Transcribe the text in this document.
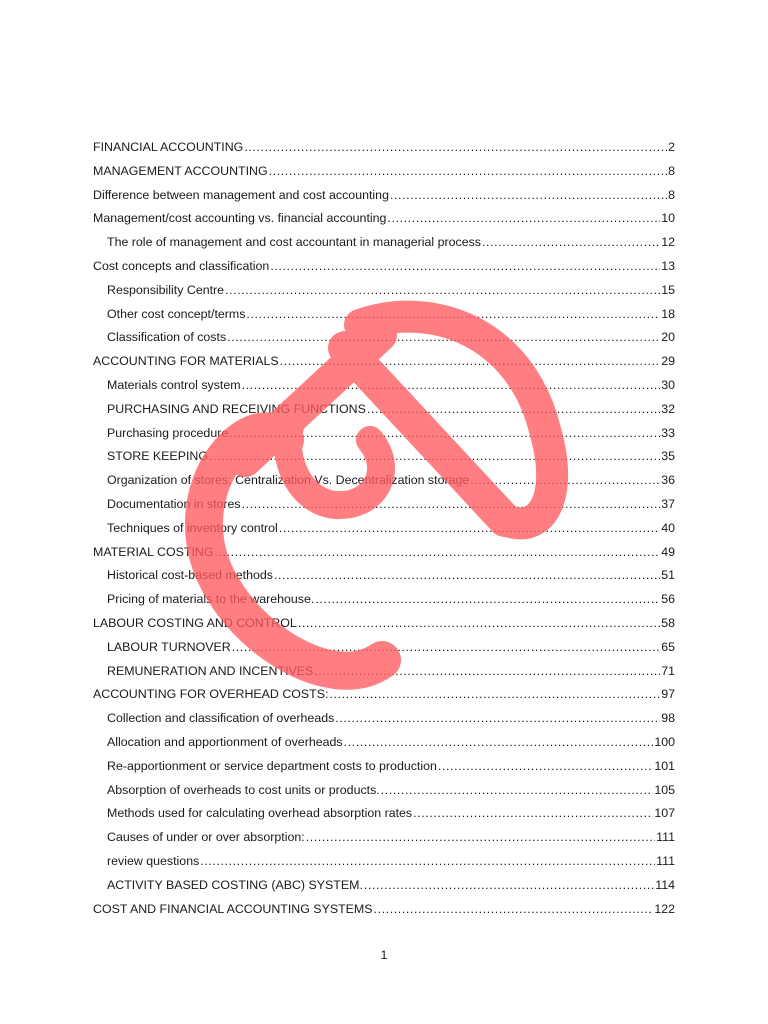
FINANCIAL ACCOUNTING .....	2
MANAGEMENT ACCOUNTING .....	8
Difference between management and cost accounting .....	8
Management/cost accounting vs. financial accounting .....	10
The role of management and cost accountant in managerial process .....	12
Cost concepts and classification .....	13
Responsibility Centre .....	15
Other cost concept/terms .....	18
Classification of costs .....	20
ACCOUNTING FOR MATERIALS .....	29
Materials control system .....	30
PURCHASING AND RECEIVING FUNCTIONS .....	32
Purchasing procedure .....	33
STORE KEEPING .....	35
Organization of stores: Centralization Vs. Decentralization storage .....	36
Documentation in stores .....	37
Techniques of inventory control .....	40
MATERIAL COSTING .....	49
Historical cost-based methods .....	51
Pricing of materials to the warehouse. .....	56
LABOUR COSTING AND CONTROL .....	58
LABOUR TURNOVER .....	65
REMUNERATION AND INCENTIVES .....	71
ACCOUNTING FOR OVERHEAD COSTS: .....	97
Collection and classification of overheads .....	98
Allocation and apportionment of overheads .....	100
Re-apportionment or service department costs to production .....	101
Absorption of overheads to cost units or products. .....	105
Methods used for calculating overhead absorption rates .....	107
Causes of under or over absorption: .....	111
review questions .....	111
ACTIVITY BASED COSTING (ABC) SYSTEM. .....	114
COST AND FINANCIAL ACCOUNTING SYSTEMS .....	122
1
